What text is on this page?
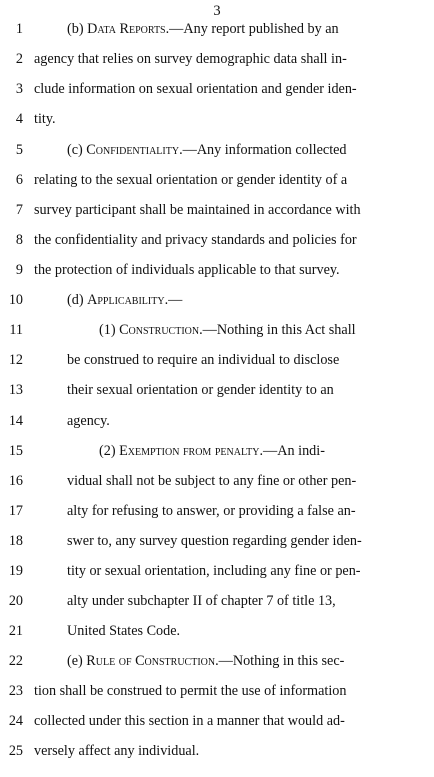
3
1	(b) Data Reports.—Any report published by an
2 agency that relies on survey demographic data shall in-
3 clude information on sexual orientation and gender iden-
4 tity.
5	(c) Confidentiality.—Any information collected
6 relating to the sexual orientation or gender identity of a
7 survey participant shall be maintained in accordance with
8 the confidentiality and privacy standards and policies for
9 the protection of individuals applicable to that survey.
10	(d) Applicability.—
11	(1) Construction.—Nothing in this Act shall
12	be construed to require an individual to disclose
13	their sexual orientation or gender identity to an
14	agency.
15	(2) Exemption from penalty.—An indi-
16	vidual shall not be subject to any fine or other pen-
17	alty for refusing to answer, or providing a false an-
18	swer to, any survey question regarding gender iden-
19	tity or sexual orientation, including any fine or pen-
20	alty under subchapter II of chapter 7 of title 13,
21	United States Code.
22	(e) Rule of Construction.—Nothing in this sec-
23 tion shall be construed to permit the use of information
24 collected under this section in a manner that would ad-
25 versely affect any individual.
